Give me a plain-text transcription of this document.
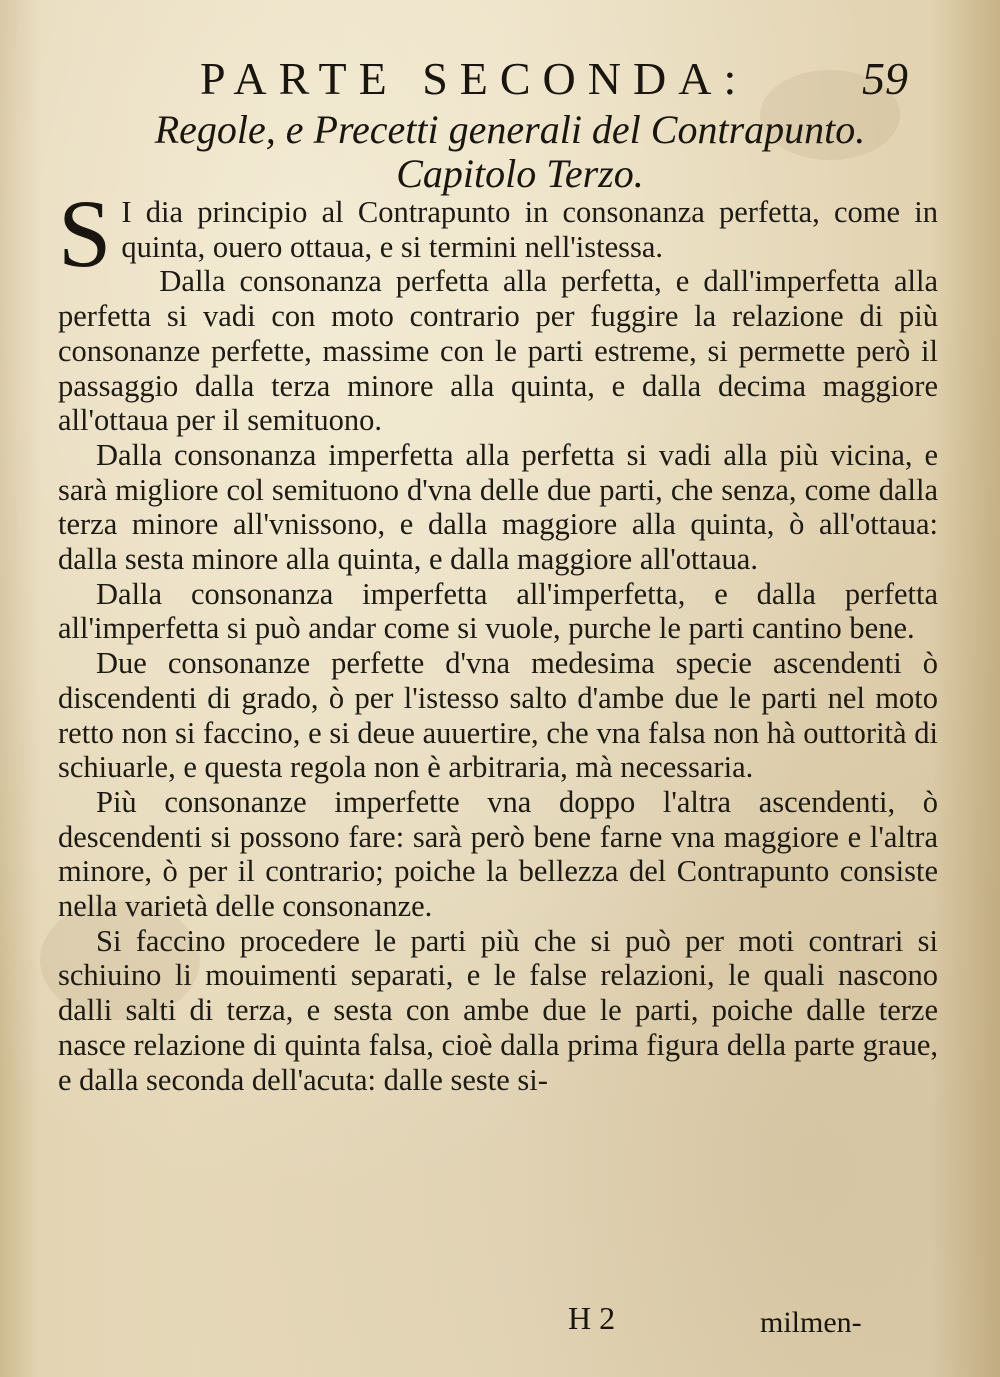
PARTE SECONDA: 59
Regole, e Precetti generali del Contrapunto.
Capitolo Terzo.

S I dia principio al Contrapunto in consonanza perfetta, come in quinta, ouero ottaua, e si termini nell'istessa.

Dalla consonanza perfetta alla perfetta, e dall'imperfetta alla perfetta si vadi con moto contrario per fuggire la relazione di più consonanze perfette, massime con le parti estreme, si permette però il passaggio dalla terza minore alla quinta, e dalla decima maggiore all'ottaua per il semituono.

Dalla consonanza imperfetta alla perfetta si vadi alla più vicina, e sarà migliore col semituono d'vna delle due parti, che senza, come dalla terza minore all'vnissono, e dalla maggiore alla quinta, ò all'ottaua: dalla sesta minore alla quinta, e dalla maggiore all'ottaua.

Dalla consonanza imperfetta all'imperfetta, e dalla perfetta all'imperfetta si può andar come si vuole, purche le parti cantino bene.

Due consonanze perfette d'vna medesima specie ascendenti ò discendenti di grado, ò per l'istesso salto d'ambe due le parti nel moto retto non si faccino, e si deue auuertire, che vna falsa non hà outtorità di schiuarle, e questa regola non è arbitraria, mà necessaria.

Più consonanze imperfette vna doppo l'altra ascendenti, ò descendenti si possono fare: sarà però bene farne vna maggiore e l'altra minore, ò per il contrario; poiche la bellezza del Contrapunto consiste nella varietà delle consonanze.

Si faccino procedere le parti più che si può per moti contrari si schiuino li mouimenti separati, e le false relazioni, le quali nascono dalli salti di terza, e sesta con ambe due le parti, poiche dalle terze nasce relazione di quinta falsa, cioè dalla prima figura della parte graue, e dalla seconda dell'acuta: dalle seste si-

H 2	milmen-
